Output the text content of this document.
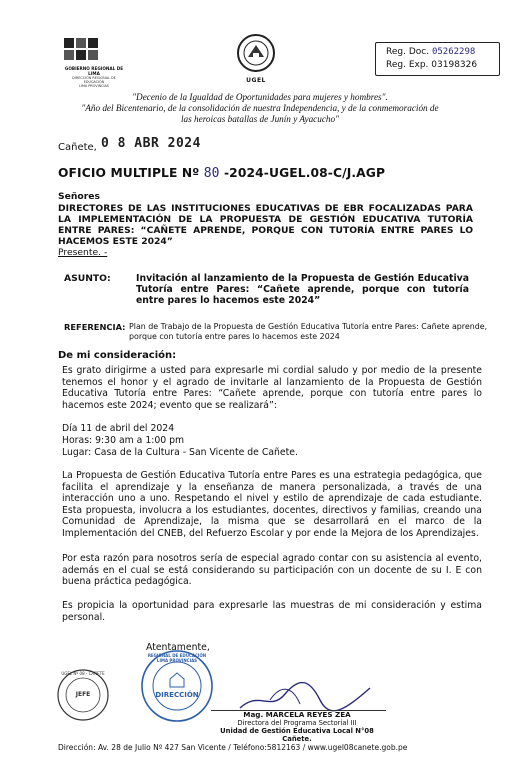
GOBIERNO REGIONAL DE LIMA
DIRECCIÓN REGIONAL DE EDUCACIÓN
LIMA PROVINCIAS
UGEL
Reg. Doc. 05262298
Reg. Exp. 03198326
"Decenio de la Igualdad de Oportunidades para mujeres y hombres".
"Año del Bicentenario, de la consolidación de nuestra Independencia, y de la conmemoración de
las heroicas batallas de Junín y Ayacucho"
Cañete, 0 8 ABR 2024
OFICIO MULTIPLE Nº 80 -2024-UGEL.08-C/J.AGP
Señores
DIRECTORES DE LAS INSTITUCIONES EDUCATIVAS DE EBR FOCALIZADAS PARA LA IMPLEMENTACIÓN DE LA PROPUESTA DE GESTIÓN EDUCATIVA TUTORÍA ENTRE PARES: “CAÑETE APRENDE, PORQUE CON TUTORÍA ENTRE PARES LO HACEMOS ESTE 2024”
Presente. -
ASUNTO:	Invitación al lanzamiento de la Propuesta de Gestión Educativa Tutoría entre Pares: “Cañete aprende, porque con tutoría entre pares lo hacemos este 2024”
REFERENCIA: Plan de Trabajo de la Propuesta de Gestión Educativa Tutoría entre Pares: Cañete aprende, porque con tutoría entre pares lo hacemos este 2024
De mi consideración:
Es grato dirigirme a usted para expresarle mi cordial saludo y por medio de la presente tenemos el honor y el agrado de invitarle al lanzamiento de la Propuesta de Gestión Educativa Tutoría entre Pares: “Cañete aprende, porque con tutoría entre pares lo hacemos este 2024; evento que se realizará”:
Día 11 de abril del 2024
Horas: 9:30 am a 1:00 pm
Lugar: Casa de la Cultura - San Vicente de Cañete.
La Propuesta de Gestión Educativa Tutoría entre Pares es una estrategia pedagógica, que facilita el aprendizaje y la enseñanza de manera personalizada, a través de una interacción uno a uno. Respetando el nivel y estilo de aprendizaje de cada estudiante. Esta propuesta, involucra a los estudiantes, docentes, directivos y familias, creando una Comunidad de Aprendizaje, la misma que se desarrollará en el marco de la Implementación del CNEB, del Refuerzo Escolar y por ende la Mejora de los Aprendizajes.
Por esta razón para nosotros sería de especial agrado contar con su asistencia al evento, además en el cual se está considerando su participación con un docente de su I. E con buena práctica pedagógica.
Es propicia la oportunidad para expresarle las muestras de mi consideración y estima personal.
Atentamente,
UGEL Nº 08 - CAÑETE
JEFE
REGIONAL DE EDUCACIÓN LIMA PROVINCIAS
DIRECCIÓN
Mag. MARCELA REYES ZEA
Directora del Programa Sectorial III
Unidad de Gestión Educativa Local N°08 Cañete.
Dirección: Av. 28 de Julio Nº 427 San Vicente / Teléfono:5812163 / www.ugel08canete.gob.pe
